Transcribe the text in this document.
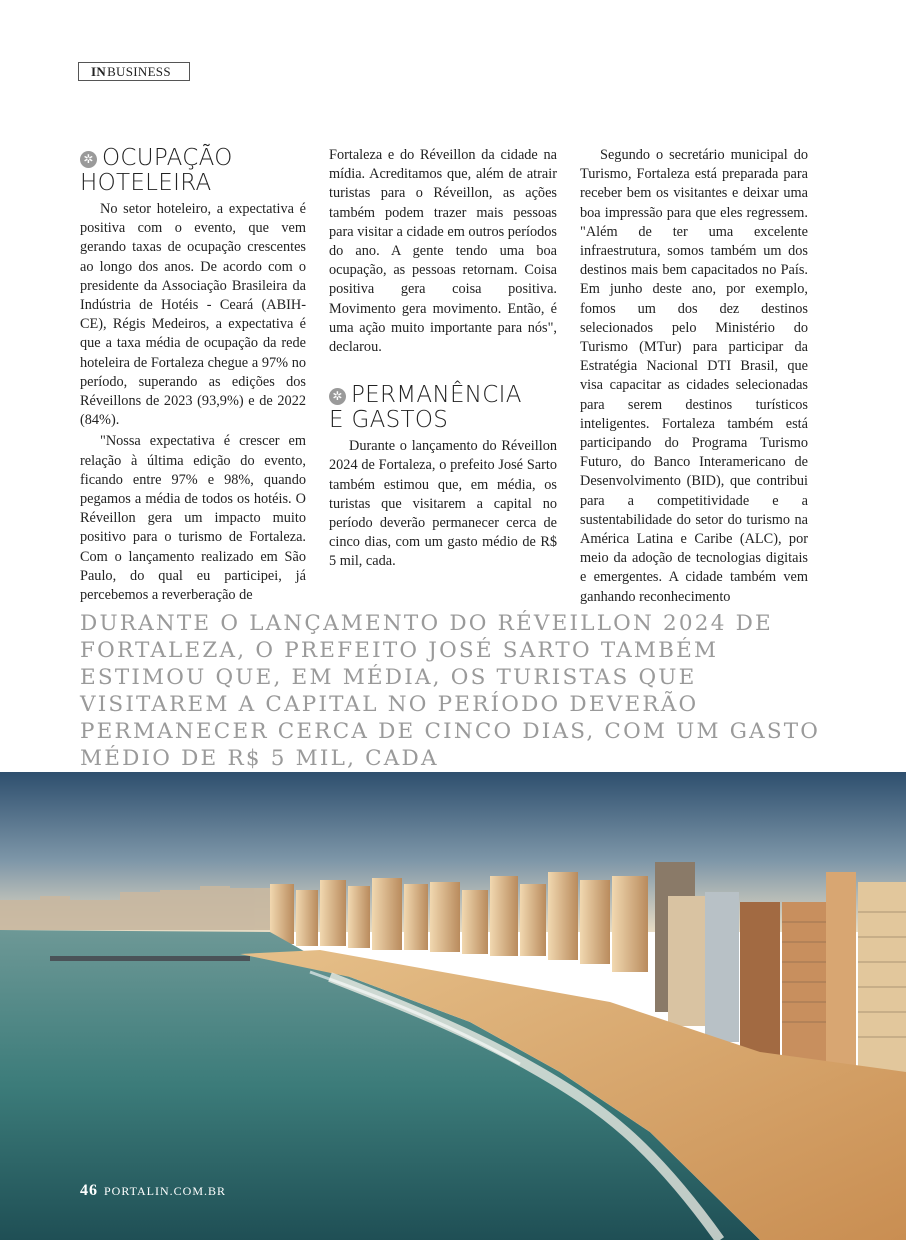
IN BUSINESS
✲ OCUPAÇÃO
HOTELEIRA

No setor hoteleiro, a expectativa é positiva com o evento, que vem gerando taxas de ocupação crescentes ao longo dos anos. De acordo com o presidente da Associação Brasileira da Indústria de Hotéis - Ceará (ABIH-CE), Régis Medeiros, a expectativa é que a taxa média de ocupação da rede hoteleira de Fortaleza chegue a 97% no período, superando as edições dos Réveillons de 2023 (93,9%) e de 2022 (84%).

"Nossa expectativa é crescer em relação à última edição do evento, ficando entre 97% e 98%, quando pegamos a média de todos os hotéis. O Réveillon gera um impacto muito positivo para o turismo de Fortaleza. Com o lançamento realizado em São Paulo, do qual eu participei, já percebemos a reverberação de

Fortaleza e do Réveillon da cidade na mídia. Acreditamos que, além de atrair turistas para o Réveillon, as ações também podem trazer mais pessoas para visitar a cidade em outros períodos do ano. A gente tendo uma boa ocupação, as pessoas retornam. Coisa positiva gera coisa positiva. Movimento gera movimento. Então, é uma ação muito importante para nós", declarou.

✲ PERMANÊNCIA
E GASTOS

Durante o lançamento do Réveillon 2024 de Fortaleza, o prefeito José Sarto também estimou que, em média, os turistas que visitarem a capital no período deverão permanecer cerca de cinco dias, com um gasto médio de R$ 5 mil, cada.

Segundo o secretário municipal do Turismo, Fortaleza está preparada para receber bem os visitantes e deixar uma boa impressão para que eles regressem. "Além de ter uma excelente infraestrutura, somos também um dos destinos mais bem capacitados no País. Em junho deste ano, por exemplo, fomos um dos dez destinos selecionados pelo Ministério do Turismo (MTur) para participar da Estratégia Nacional DTI Brasil, que visa capacitar as cidades selecionadas para serem destinos turísticos inteligentes. Fortaleza também está participando do Programa Turismo Futuro, do Banco Interamericano de Desenvolvimento (BID), que contribui para a competitividade e a sustentabilidade do setor do turismo na América Latina e Caribe (ALC), por meio da adoção de tecnologias digitais e emergentes. A cidade também vem ganhando reconhecimento

DURANTE O LANÇAMENTO DO RÉVEILLON 2024 DE FORTALEZA, O PREFEITO JOSÉ SARTO TAMBÉM ESTIMOU QUE, EM MÉDIA, OS TURISTAS QUE VISITAREM A CAPITAL NO PERÍODO DEVERÃO PERMANECER CERCA DE CINCO DIAS, COM UM GASTO MÉDIO DE R$ 5 MIL, CADA
46 PORTALIN.COM.BR
